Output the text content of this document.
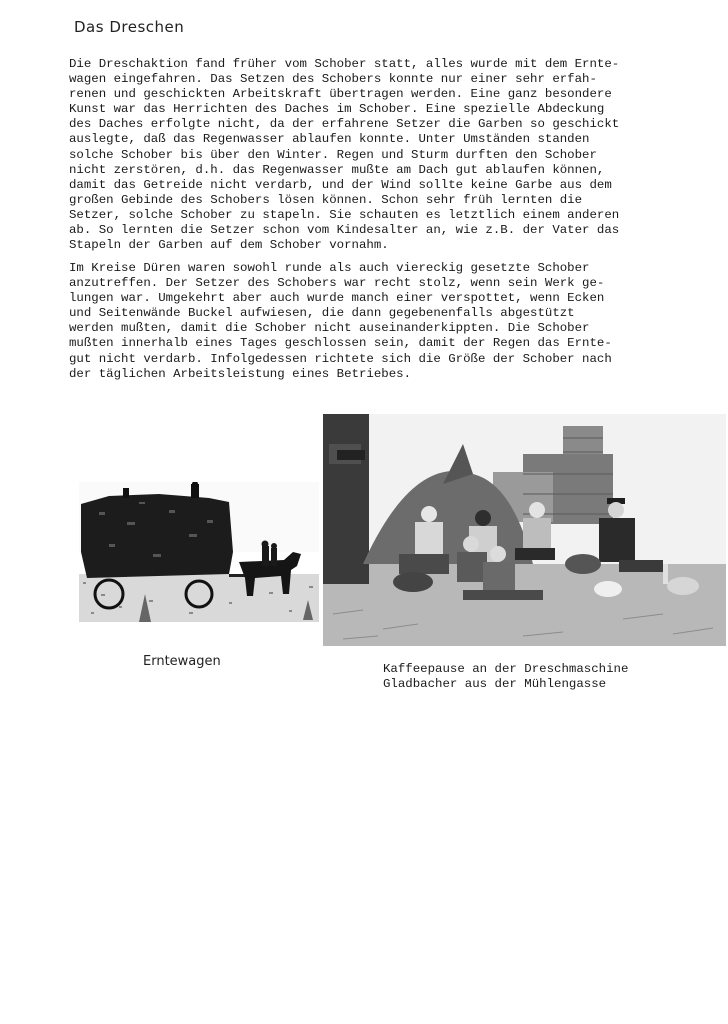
Das Dreschen
Die Dreschaktion fand früher vom Schober statt, alles wurde mit dem Ernte-
wagen eingefahren. Das Setzen des Schobers konnte nur einer sehr erfah-
renen und geschickten Arbeitskraft übertragen werden. Eine ganz besondere
Kunst war das Herrichten des Daches im Schober. Eine spezielle Abdeckung
des Daches erfolgte nicht, da der erfahrene Setzer die Garben so geschickt
auslegte, daß das Regenwasser ablaufen konnte. Unter Umständen standen
solche Schober bis über den Winter. Regen und Sturm durften den Schober
nicht zerstören, d.h. das Regenwasser mußte am Dach gut ablaufen können,
damit das Getreide nicht verdarb, und der Wind sollte keine Garbe aus dem
großen Gebinde des Schobers lösen können. Schon sehr früh lernten die
Setzer, solche Schober zu stapeln. Sie schauten es letztlich einem anderen
ab. So lernten die Setzer schon vom Kindesalter an, wie z.B. der Vater das
Stapeln der Garben auf dem Schober vornahm.
Im Kreise Düren waren sowohl runde als auch viereckig gesetzte Schober
anzutreffen. Der Setzer des Schobers war recht stolz, wenn sein Werk ge-
lungen war. Umgekehrt aber auch wurde manch einer verspottet, wenn Ecken
und Seitenwände Buckel aufwiesen, die dann gegebenenfalls abgestützt
werden mußten, damit die Schober nicht auseinanderkippten. Die Schober
mußten innerhalb eines Tages geschlossen sein, damit der Regen das Ernte-
gut nicht verdarb. Infolgedessen richtete sich die Größe der Schober nach
der täglichen Arbeitsleistung eines Betriebes.
Erntewagen	Kaffeepause an der Dreschmaschine
Gladbacher aus der Mühlengasse
